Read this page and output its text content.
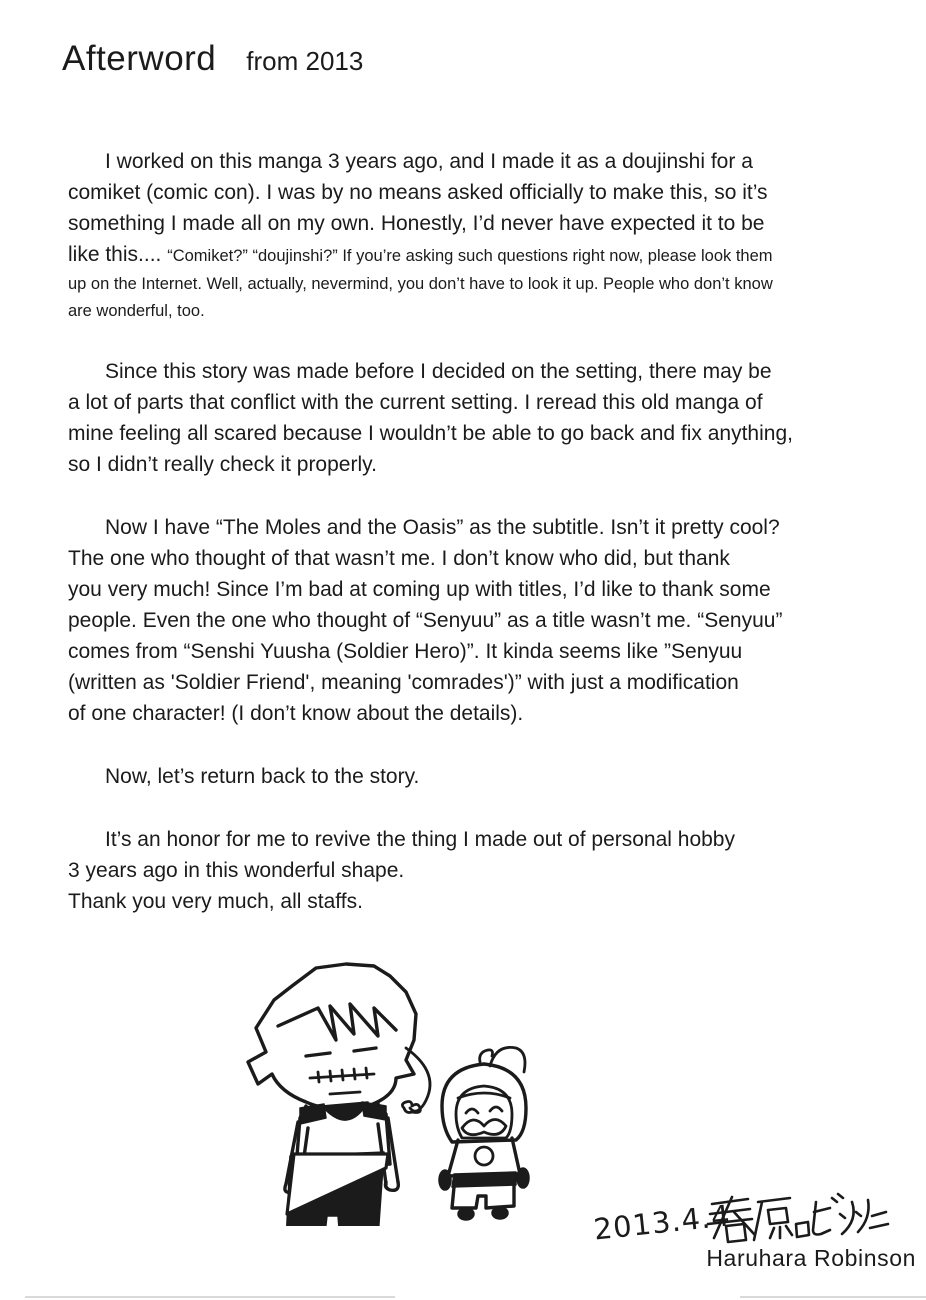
Afterword from 2013
I worked on this manga 3 years ago, and I made it as a doujinshi for a
comiket (comic con). I was by no means asked officially to make this, so it’s
something I made all on my own. Honestly, I’d never have expected it to be
like this.... “Comiket?” “doujinshi?” If you’re asking such questions right now, please look them
up on the Internet. Well, actually, nevermind, you don’t have to look it up. People who don’t know
are wonderful, too.
Since this story was made before I decided on the setting, there may be
a lot of parts that conflict with the current setting. I reread this old manga of
mine feeling all scared because I wouldn’t be able to go back and fix anything,
so I didn’t really check it properly.
Now I have “The Moles and the Oasis” as the subtitle. Isn’t it pretty cool?
The one who thought of that wasn’t me. I don’t know who did, but thank
you very much! Since I’m bad at coming up with titles, I’d like to thank some
people. Even the one who thought of “Senyuu” as a title wasn’t me. “Senyuu”
comes from “Senshi Yuusha (Soldier Hero)”. It kinda seems like ”Senyuu
(written as 'Soldier Friend', meaning 'comrades')” with just a modification
of one character! (I don’t know about the details).
Now, let’s return back to the story.
It’s an honor for me to revive the thing I made out of personal hobby
3 years ago in this wonderful shape.
Thank you very much, all staffs.
2013.4.4
Haruhara Robinson
